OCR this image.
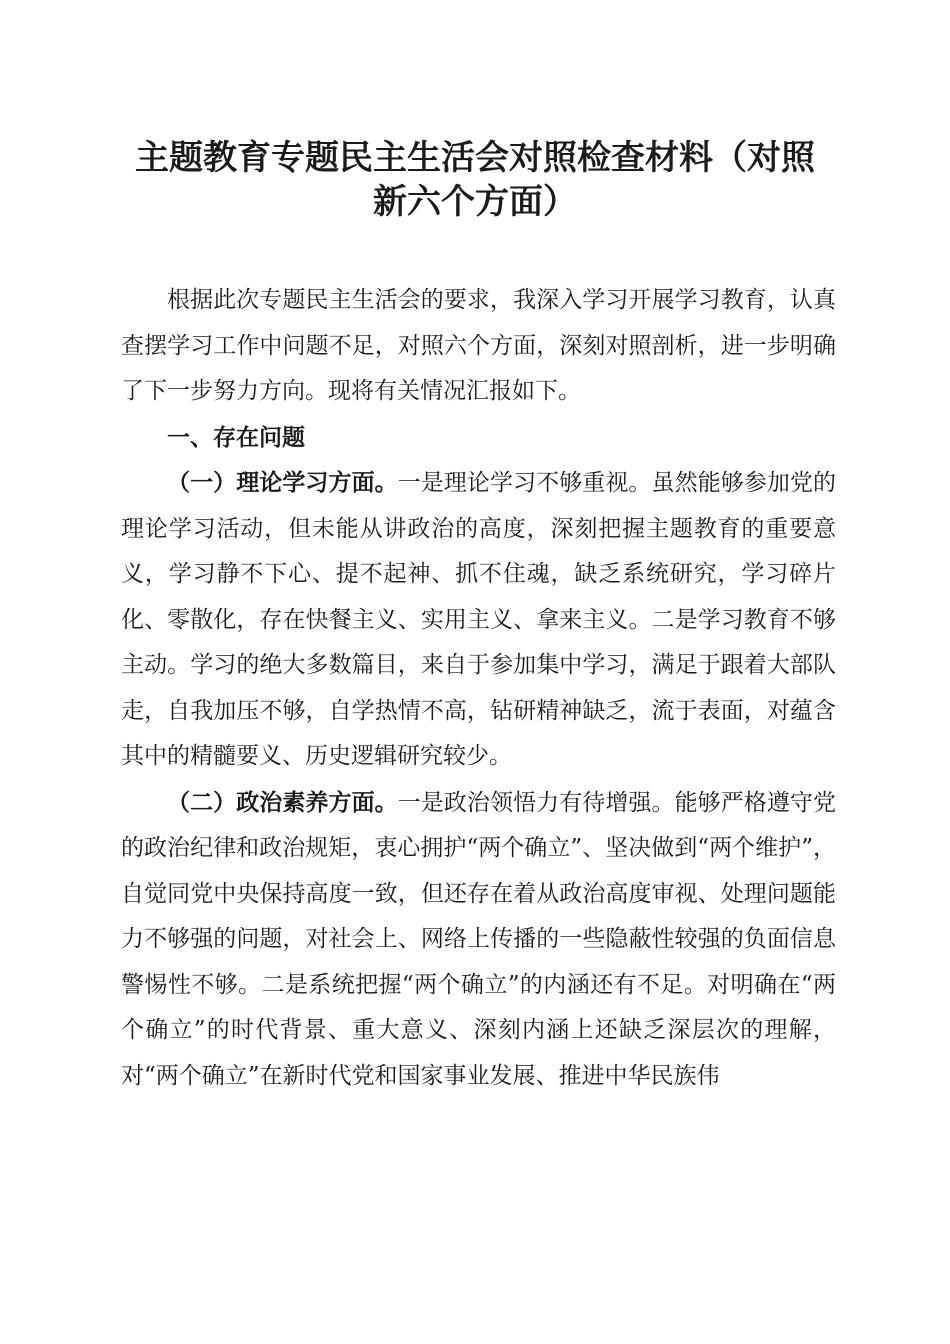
主题教育专题民主生活会对照检查材料（对照
新六个方面）

根据此次专题民主生活会的要求，我深入学习开展学习教育，认真查摆学习工作中问题不足，对照六个方面，深刻对照剖析，进一步明确了下一步努力方向。现将有关情况汇报如下。

一、存在问题

（一）理论学习方面。一是理论学习不够重视。虽然能够参加党的理论学习活动，但未能从讲政治的高度，深刻把握主题教育的重要意义，学习静不下心、提不起神、抓不住魂，缺乏系统研究，学习碎片化、零散化，存在快餐主义、实用主义、拿来主义。二是学习教育不够主动。学习的绝大多数篇目，来自于参加集中学习，满足于跟着大部队走，自我加压不够，自学热情不高，钻研精神缺乏，流于表面，对蕴含其中的精髓要义、历史逻辑研究较少。

（二）政治素养方面。一是政治领悟力有待增强。能够严格遵守党的政治纪律和政治规矩，衷心拥护“两个确立”、坚决做到“两个维护”，自觉同党中央保持高度一致，但还存在着从政治高度审视、处理问题能力不够强的问题，对社会上、网络上传播的一些隐蔽性较强的负面信息警惕性不够。二是系统把握“两个确立”的内涵还有不足。对明确在“两个确立”的时代背景、重大意义、深刻内涵上还缺乏深层次的理解，对“两个确立”在新时代党和国家事业发展、推进中华民族伟
